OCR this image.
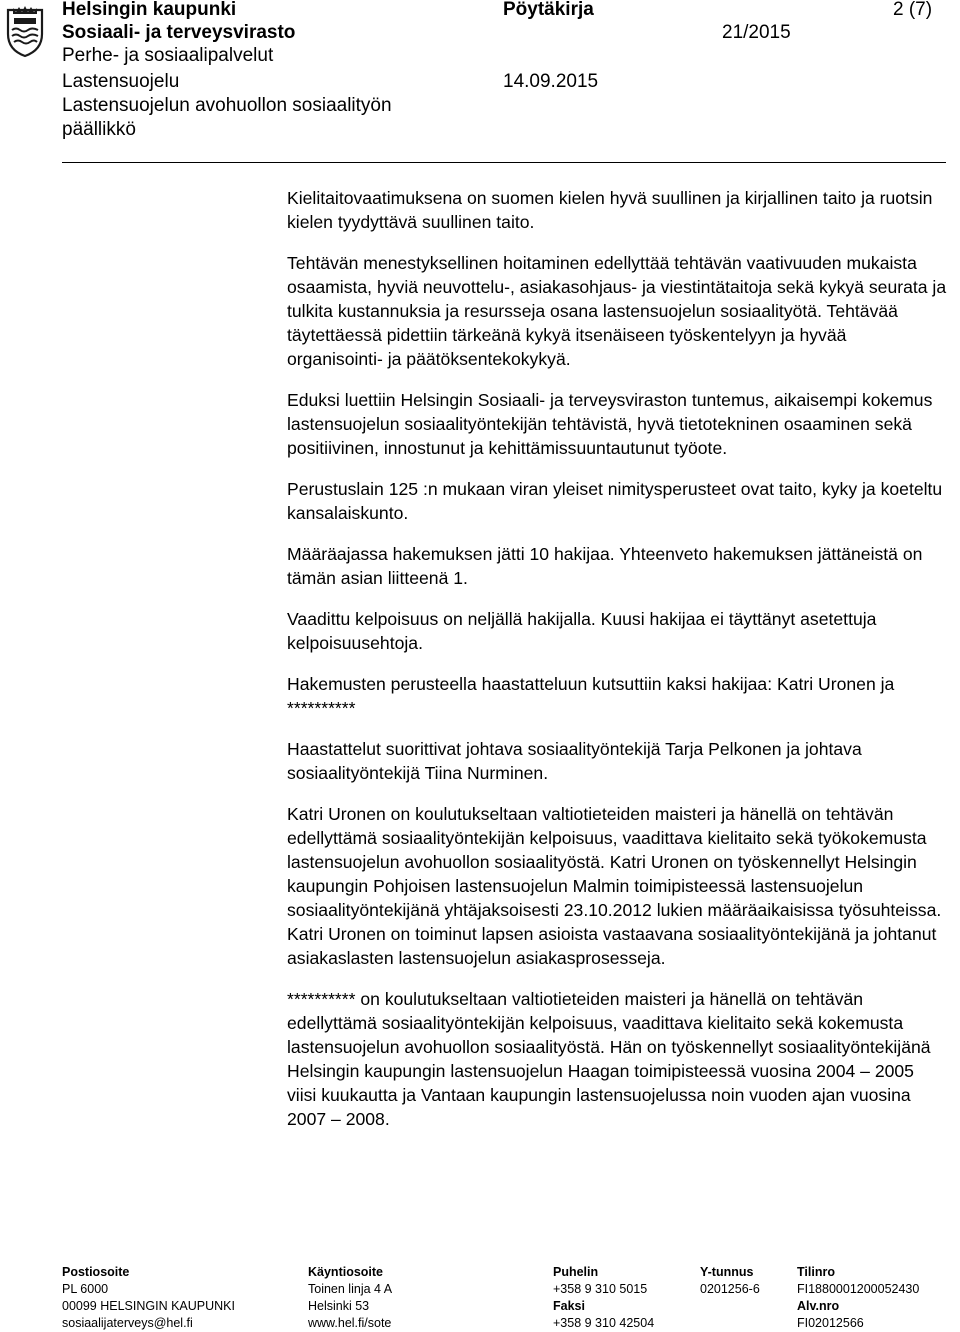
Helsingin kaupunki
Sosiaali- ja terveysvirasto
Perhe- ja sosiaalipalvelut
Lastensuojelu
Lastensuojelun avohuollon sosiaalityön
päällikkö
Pöytäkirja
21/2015
14.09.2015
2 (7)

Kielitaitovaatimuksena on suomen kielen hyvä suullinen ja kirjallinen taito ja ruotsin kielen tyydyttävä suullinen taito.

Tehtävän menestyksellinen hoitaminen edellyttää tehtävän vaativuuden mukaista osaamista, hyviä neuvottelu-, asiakasohjaus- ja viestintätaitoja sekä kykyä seurata ja tulkita kustannuksia ja resursseja osana lastensuojelun sosiaalityötä. Tehtävää täytettäessä pidettiin tärkeänä kykyä itsenäiseen työskentelyyn ja hyvää organisointi- ja päätöksentekokykyä.

Eduksi luettiin Helsingin Sosiaali- ja terveysviraston tuntemus, aikaisempi kokemus lastensuojelun sosiaalityöntekijän tehtävistä, hyvä tietotekninen osaaminen sekä positiivinen, innostunut ja kehittämissuuntautunut työote.

Perustuslain 125 :n mukaan viran yleiset nimitysperusteet ovat taito, kyky ja koeteltu kansalaiskunto.

Määräajassa hakemuksen jätti 10 hakijaa. Yhteenveto hakemuksen jättäneistä on tämän asian liitteenä 1.

Vaadittu kelpoisuus on neljällä hakijalla. Kuusi hakijaa ei täyttänyt asetettuja kelpoisuusehtoja.

Hakemusten perusteella haastatteluun kutsuttiin kaksi hakijaa: Katri Uronen ja **********

Haastattelut suorittivat johtava sosiaalityöntekijä Tarja Pelkonen ja johtava sosiaalityöntekijä Tiina Nurminen.

Katri Uronen on koulutukseltaan valtiotieteiden maisteri ja hänellä on tehtävän edellyttämä sosiaalityöntekijän kelpoisuus, vaadittava kielitaito sekä työkokemusta lastensuojelun avohuollon sosiaalityöstä. Katri Uronen on työskennellyt Helsingin kaupungin Pohjoisen lastensuojelun Malmin toimipisteessä lastensuojelun sosiaalityöntekijänä yhtäjaksoisesti 23.10.2012 lukien määräaikaisissa työsuhteissa. Katri Uronen on toiminut lapsen asioista vastaavana sosiaalityöntekijänä ja johtanut asiakaslasten lastensuojelun asiakasprosesseja.

********** on koulutukseltaan valtiotieteiden maisteri ja hänellä on tehtävän edellyttämä sosiaalityöntekijän kelpoisuus, vaadittava kielitaito sekä kokemusta lastensuojelun avohuollon sosiaalityöstä. Hän on työskennellyt sosiaalityöntekijänä Helsingin kaupungin lastensuojelun Haagan toimipisteessä vuosina 2004 – 2005 viisi kuukautta ja Vantaan kaupungin lastensuojelussa noin vuoden ajan vuosina 2007 – 2008.

Postiosoite
PL 6000
00099 HELSINGIN KAUPUNKI
sosiaalijaterveys@hel.fi
Käyntiosoite
Toinen linja 4 A
Helsinki 53
www.hel.fi/sote
Puhelin
+358 9 310 5015
Faksi
+358 9 310 42504
Y-tunnus
0201256-6
Tilinro
FI1880001200052430
Alv.nro
FI02012566
